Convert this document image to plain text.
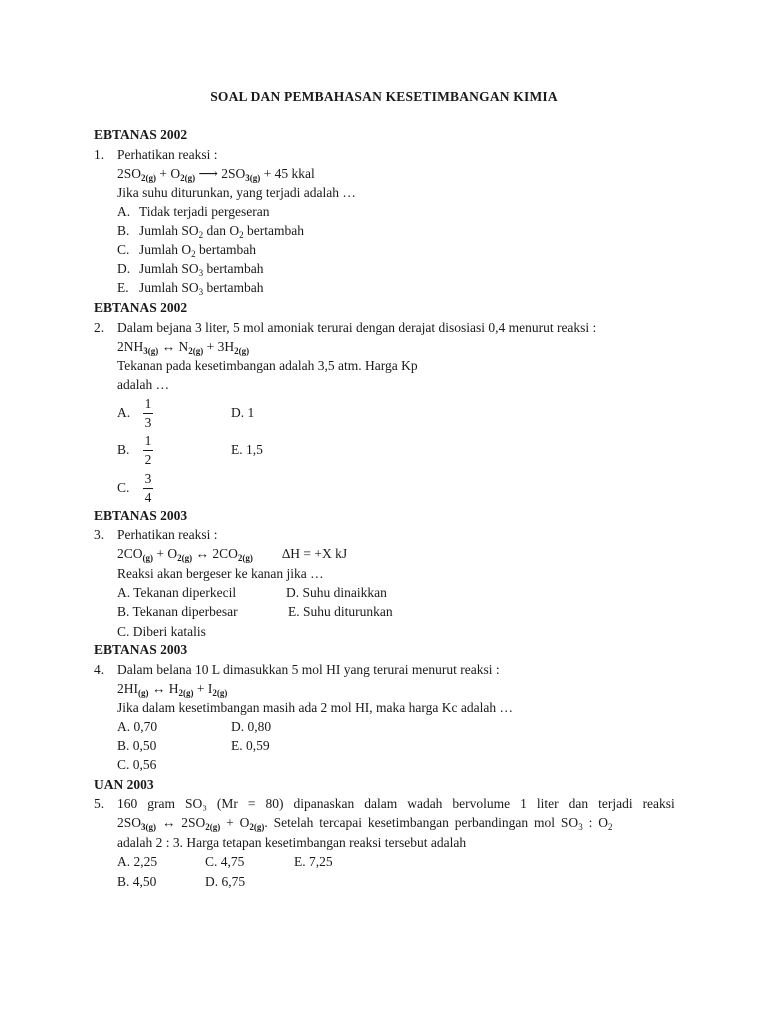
SOAL DAN PEMBAHASAN KESETIMBANGAN KIMIA
EBTANAS 2002
1. Perhatikan reaksi :
$2SO_{2(g)} + O_{2(g)}$ ⟶ $2SO_{3(g)} + 45$ kkal
Jika suhu diturunkan, yang terjadi adalah …
A. Tidak terjadi pergeseran
B. Jumlah $SO_2$ dan $O_2$ bertambah
C. Jumlah $O_2$ bertambah
D. Jumlah $SO_3$ bertambah
E. Jumlah $SO_3$ bertambah
EBTANAS 2002
2. Dalam bejana 3 liter, 5 mol amoniak terurai dengan derajat disosiasi 0,4 menurut reaksi :
$2NH_{3(g)}$ ↔ $N_{2(g)} + 3H_{2(g)}$
Tekanan pada kesetimbangan adalah 3,5 atm. Harga Kp
adalah …
A.
1
3
D. 1
B.
1
2
E. 1,5
C.
3
4
EBTANAS 2003
3. Perhatikan reaksi :
$2CO_{(g)} + O_{2(g)}$ ↔ $2CO_{2(g)}$ ∆H = +X kJ
Reaksi akan bergeser ke kanan jika …
A. Tekanan diperkecil	D. Suhu dinaikkan
B. Tekanan diperbesar	E. Suhu diturunkan
C. Diberi katalis
EBTANAS 2003
4. Dalam belana 10 L dimasukkan 5 mol HI yang terurai menurut reaksi :
$2HI_{(g)}$ ↔ $H_{2(g)} + I_{2(g)}$
Jika dalam kesetimbangan masih ada 2 mol HI, maka harga Kc adalah …
A. 0,70	D. 0,80
B. 0,50	E. 0,59
C. 0,56
UAN 2003
5. 160 gram SO₃ (Mr = 80) dipanaskan dalam wadah bervolume 1 liter dan terjadi reaksi
$2SO_{3(g)}$ ↔ $2SO_{2(g)} + O_{2(g)}$. Setelah tercapai kesetimbangan perbandingan mol $SO_3$ : $O_2$
adalah 2 : 3. Harga tetapan kesetimbangan reaksi tersebut adalah
A. 2,25	C. 4,75	E. 7,25
B. 4,50	D. 6,75
